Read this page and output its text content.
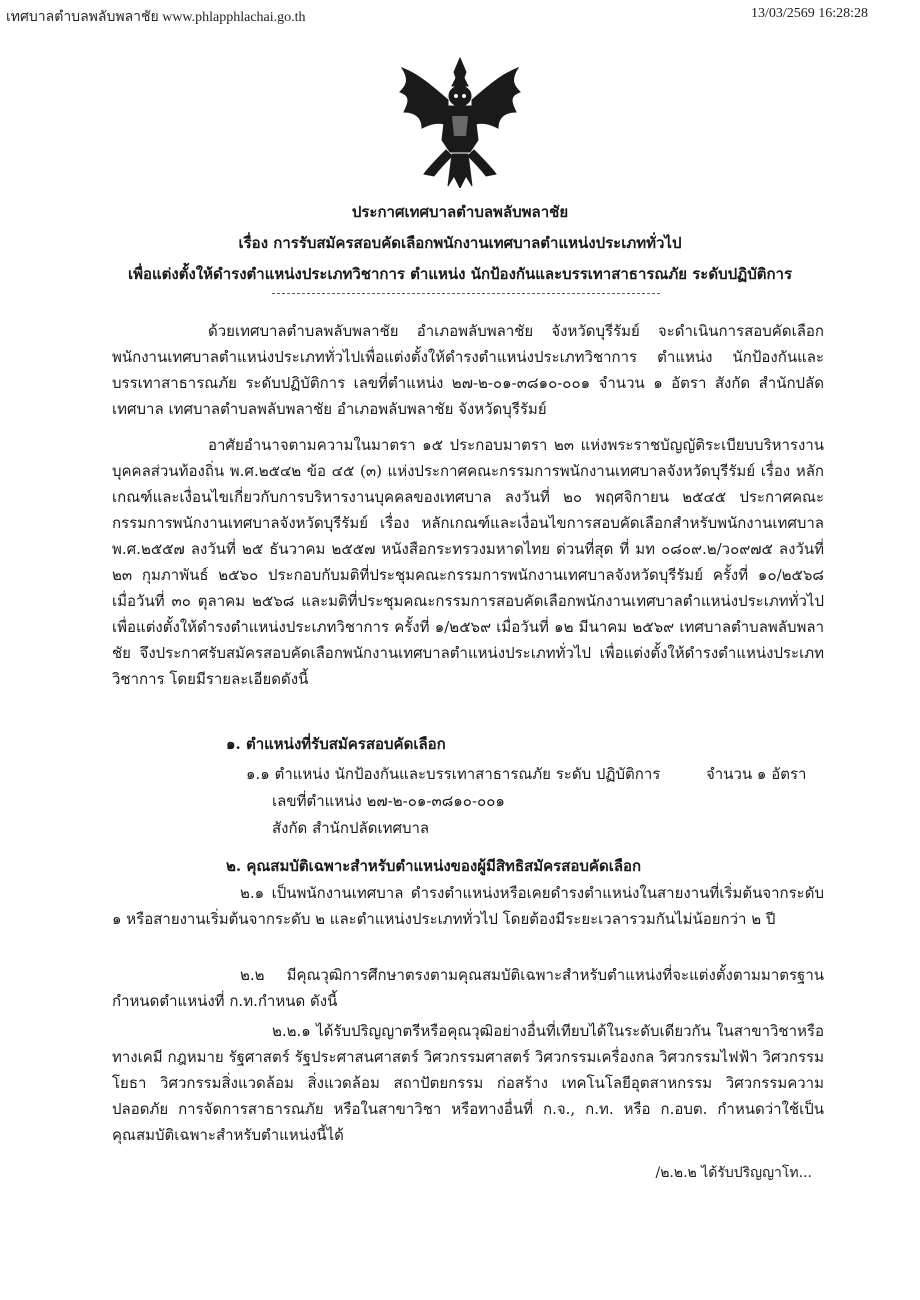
เทศบาลตำบลพลับพลาชัย www.phlapphlachai.go.th	13/03/2569 16:28:28
ประกาศเทศบาลตำบลพลับพลาชัย
เรื่อง การรับสมัครสอบคัดเลือกพนักงานเทศบาลตำแหน่งประเภททั่วไป
เพื่อแต่งตั้งให้ดำรงตำแหน่งประเภทวิชาการ ตำแหน่ง นักป้องกันและบรรเทาสาธารณภัย ระดับปฏิบัติการ
ด้วยเทศบาลตำบลพลับพลาชัย อำเภอพลับพลาชัย จังหวัดบุรีรัมย์ จะดำเนินการสอบคัดเลือกพนักงานเทศบาลตำแหน่งประเภททั่วไปเพื่อแต่งตั้งให้ดำรงตำแหน่งประเภทวิชาการ ตำแหน่ง นักป้องกันและบรรเทาสาธารณภัย ระดับปฏิบัติการ เลขที่ตำแหน่ง ๒๗-๒-๐๑-๓๘๑๐-๐๐๑ จำนวน ๑ อัตรา สังกัด สำนักปลัดเทศบาล เทศบาลตำบลพลับพลาชัย อำเภอพลับพลาชัย จังหวัดบุรีรัมย์
อาศัยอำนาจตามความในมาตรา ๑๕ ประกอบมาตรา ๒๓ แห่งพระราชบัญญัติระเบียบบริหารงานบุคคลส่วนท้องถิ่น พ.ศ.๒๕๔๒ ข้อ ๔๕ (๓) แห่งประกาศคณะกรรมการพนักงานเทศบาลจังหวัดบุรีรัมย์ เรื่อง หลักเกณฑ์และเงื่อนไขเกี่ยวกับการบริหารงานบุคคลของเทศบาล ลงวันที่ ๒๐ พฤศจิกายน ๒๕๔๕ ประกาศคณะกรรมการพนักงานเทศบาลจังหวัดบุรีรัมย์ เรื่อง หลักเกณฑ์และเงื่อนไขการสอบคัดเลือกสำหรับพนักงานเทศบาล พ.ศ.๒๕๕๗ ลงวันที่ ๒๕ ธันวาคม ๒๕๕๗ หนังสือกระทรวงมหาดไทย ด่วนที่สุด ที่ มท ๐๘๐๙.๒/ว๐๙๗๕ ลงวันที่ ๒๓ กุมภาพันธ์ ๒๕๖๐ ประกอบกับมติที่ประชุมคณะกรรมการพนักงานเทศบาลจังหวัดบุรีรัมย์ ครั้งที่ ๑๐/๒๕๖๘ เมื่อวันที่ ๓๐ ตุลาคม ๒๕๖๘ และมติที่ประชุมคณะกรรมการสอบคัดเลือกพนักงานเทศบาลตำแหน่งประเภททั่วไปเพื่อแต่งตั้งให้ดำรงตำแหน่งประเภทวิชาการ ครั้งที่ ๑/๒๕๖๙ เมื่อวันที่ ๑๒ มีนาคม ๒๕๖๙ เทศบาลตำบลพลับพลาชัย จึงประกาศรับสมัครสอบคัดเลือกพนักงานเทศบาลตำแหน่งประเภททั่วไป เพื่อแต่งตั้งให้ดำรงตำแหน่งประเภทวิชาการ โดยมีรายละเอียดดังนี้
๑. ตำแหน่งที่รับสมัครสอบคัดเลือก
๑.๑ ตำแหน่ง นักป้องกันและบรรเทาสาธารณภัย ระดับ ปฏิบัติการ	จำนวน ๑ อัตรา
เลขที่ตำแหน่ง ๒๗-๒-๐๑-๓๘๑๐-๐๐๑
สังกัด สำนักปลัดเทศบาล
๒. คุณสมบัติเฉพาะสำหรับตำแหน่งของผู้มีสิทธิสมัครสอบคัดเลือก
๒.๑ เป็นพนักงานเทศบาล ดำรงตำแหน่งหรือเคยดำรงตำแหน่งในสายงานที่เริ่มต้นจากระดับ ๑ หรือสายงานเริ่มต้นจากระดับ ๒ และตำแหน่งประเภททั่วไป โดยต้องมีระยะเวลารวมกันไม่น้อยกว่า ๒ ปี
๒.๒ มีคุณวุฒิการศึกษาตรงตามคุณสมบัติเฉพาะสำหรับตำแหน่งที่จะแต่งตั้งตามมาตรฐานกำหนดตำแหน่งที่ ก.ท.กำหนด ดังนี้
๒.๒.๑ ได้รับปริญญาตรีหรือคุณวุฒิอย่างอื่นที่เทียบได้ในระดับเดียวกัน ในสาขาวิชาหรือทางเคมี กฎหมาย รัฐศาสตร์ รัฐประศาสนศาสตร์ วิศวกรรมศาสตร์ วิศวกรรมเครื่องกล วิศวกรรมไฟฟ้า วิศวกรรมโยธา วิศวกรรมสิ่งแวดล้อม สิ่งแวดล้อม สถาปัตยกรรม ก่อสร้าง เทคโนโลยีอุตสาหกรรม วิศวกรรมความปลอดภัย การจัดการสาธารณภัย หรือในสาขาวิชา หรือทางอื่นที่ ก.จ., ก.ท. หรือ ก.อบต. กำหนดว่าใช้เป็นคุณสมบัติเฉพาะสำหรับตำแหน่งนี้ได้
/๒.๒.๒ ได้รับปริญญาโท...
